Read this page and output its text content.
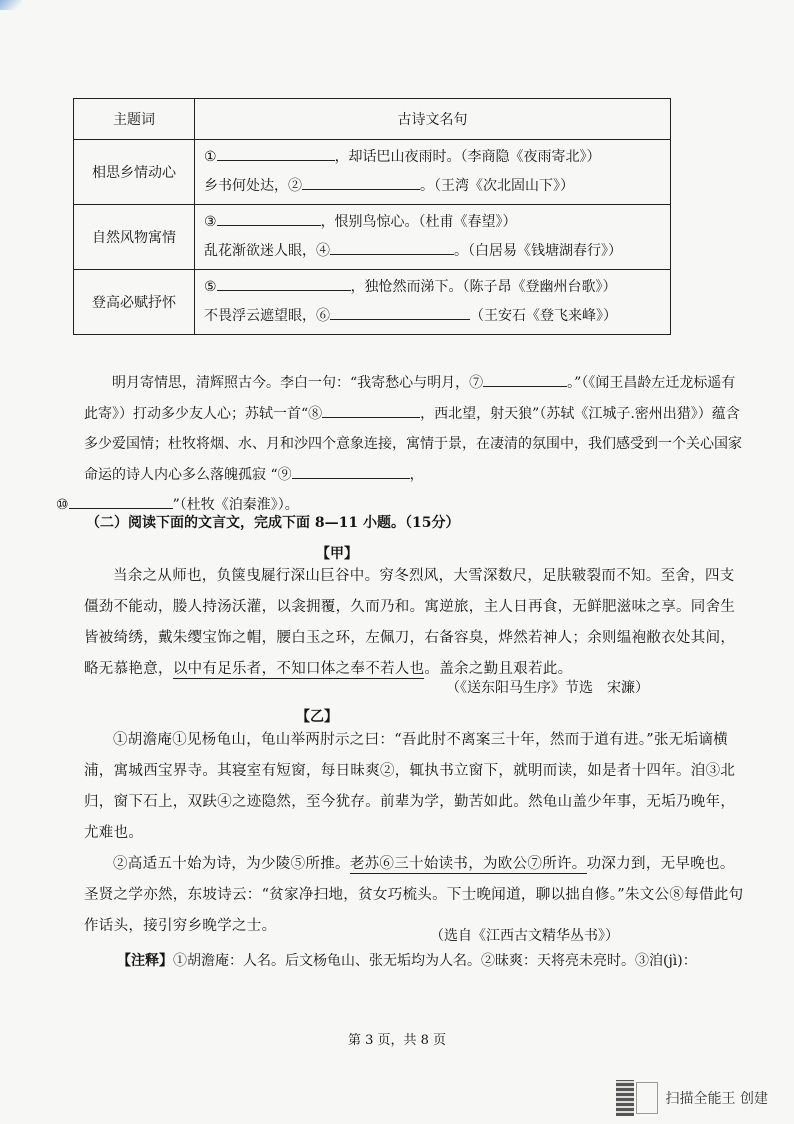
主题词	古诗文名句
相思乡情动心	① ，却话巴山夜雨时。（李商隐《夜雨寄北》）
乡书何处达，② 。（王湾《次北固山下》）

自然风物寓情	③ ，恨别鸟惊心。（杜甫《春望》）
乱花渐欲迷人眼，④ 。（白居易《钱塘湖春行》）

登高必赋抒怀	⑤ ，独怆然而涕下。（陈子昂《登幽州台歌》）
不畏浮云遮望眼，⑥ （王安石《登飞来峰》）
明月寄情思，清辉照古今。李白一句：“我寄愁心与明月，⑦	。”（《闻王昌龄左迁龙标遥有此寄》）打动多少友人心；苏轼一首“⑧	，西北望，射天狼”（苏轼《江城子.密州出猎》）蕴含多少爱国情；杜牧将烟、水、月和沙四个意象连接，寓情于景，在凄清的氛围中，我们感受到一个关心国家命运的诗人内心多么落魄孤寂 “⑨	，
⑩	”（杜牧《泊秦淮》）。
（二）阅读下面的文言文，完成下面 8—11 小题。（15分）
【甲】
当余之从师也，负箧曳屣行深山巨谷中。穷冬烈风，大雪深数尺，足肤皲裂而不知。至舍，四支僵劲不能动，媵人持汤沃灌，以衾拥覆，久而乃和。寓逆旅，主人日再食，无鲜肥滋味之享。同舍生皆被绮绣，戴朱缨宝饰之帽，腰白玉之环，左佩刀，右备容臭，烨然若神人；余则缊袍敝衣处其间，略无慕艳意，以中有足乐者，不知口体之奉不若人也。盖余之勤且艰若此。
（《送东阳马生序》节选　宋濂）
【乙】
①胡澹庵①见杨龟山，龟山举两肘示之曰：“吾此肘不离案三十年，然而于道有进。”张无垢谪横浦，寓城西宝界寺。其寝室有短窗，每日昧爽②，辄执书立窗下，就明而读，如是者十四年。洎③北归，窗下石上，双趺④之迹隐然，至今犹存。前辈为学，勤苦如此。然龟山盖少年事，无垢乃晚年，尤难也。
②高适五十始为诗，为少陵⑤所推。老苏⑥三十始读书，为欧公⑦所许。功深力到，无早晚也。圣贤之学亦然，东坡诗云：“贫家净扫地，贫女巧梳头。下士晚闻道，聊以拙自修。”朱文公⑧每借此句作话头，接引穷乡晚学之士。
（选自《江西古文精华丛书》）
【注释】①胡澹庵：人名。后文杨龟山、张无垢均为人名。②昧爽：天将亮未亮时。③洎(jì)：
第 3 页，共 8 页
扫描全能王 创建
